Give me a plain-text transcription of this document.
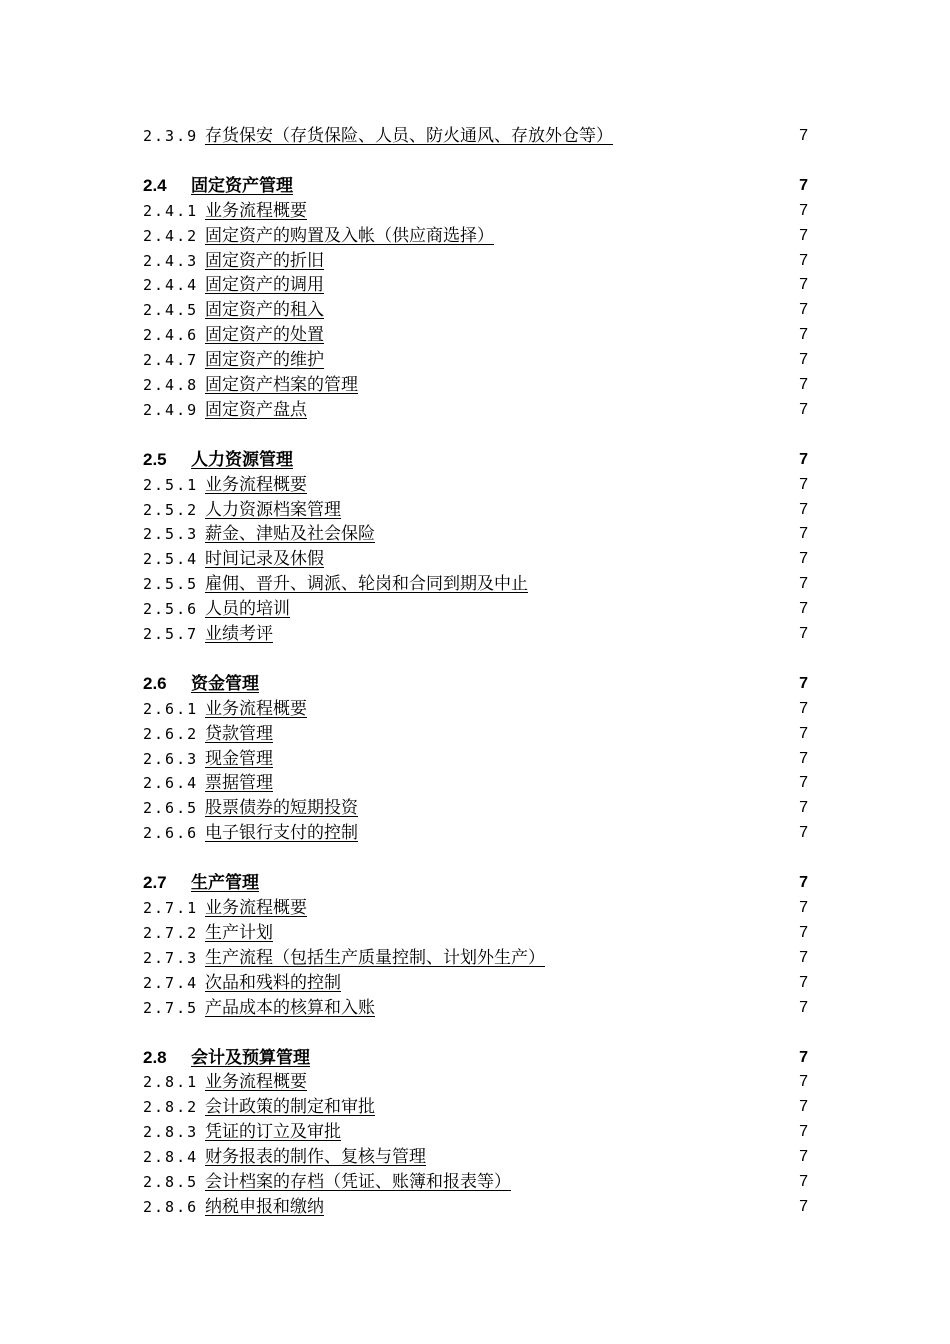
2.3.9 存货保安（存货保险、人员、防火通风、存放外仓等）	7
2.4 固定资产管理	7
2.4.1 业务流程概要	7
2.4.2 固定资产的购置及入帐（供应商选择）	7
2.4.3 固定资产的折旧	7
2.4.4 固定资产的调用	7
2.4.5 固定资产的租入	7
2.4.6 固定资产的处置	7
2.4.7 固定资产的维护	7
2.4.8 固定资产档案的管理	7
2.4.9 固定资产盘点	7
2.5 人力资源管理	7
2.5.1 业务流程概要	7
2.5.2 人力资源档案管理	7
2.5.3 薪金、津贴及社会保险	7
2.5.4 时间记录及休假	7
2.5.5 雇佣、晋升、调派、轮岗和合同到期及中止	7
2.5.6 人员的培训	7
2.5.7 业绩考评	7
2.6 资金管理	7
2.6.1 业务流程概要	7
2.6.2 贷款管理	7
2.6.3 现金管理	7
2.6.4 票据管理	7
2.6.5 股票债券的短期投资	7
2.6.6 电子银行支付的控制	7
2.7 生产管理	7
2.7.1 业务流程概要	7
2.7.2 生产计划	7
2.7.3 生产流程（包括生产质量控制、计划外生产）	7
2.7.4 次品和残料的控制	7
2.7.5 产品成本的核算和入账	7
2.8 会计及预算管理	7
2.8.1 业务流程概要	7
2.8.2 会计政策的制定和审批	7
2.8.3 凭证的订立及审批	7
2.8.4 财务报表的制作、复核与管理	7
2.8.5 会计档案的存档（凭证、账簿和报表等）	7
2.8.6 纳税申报和缴纳	7
